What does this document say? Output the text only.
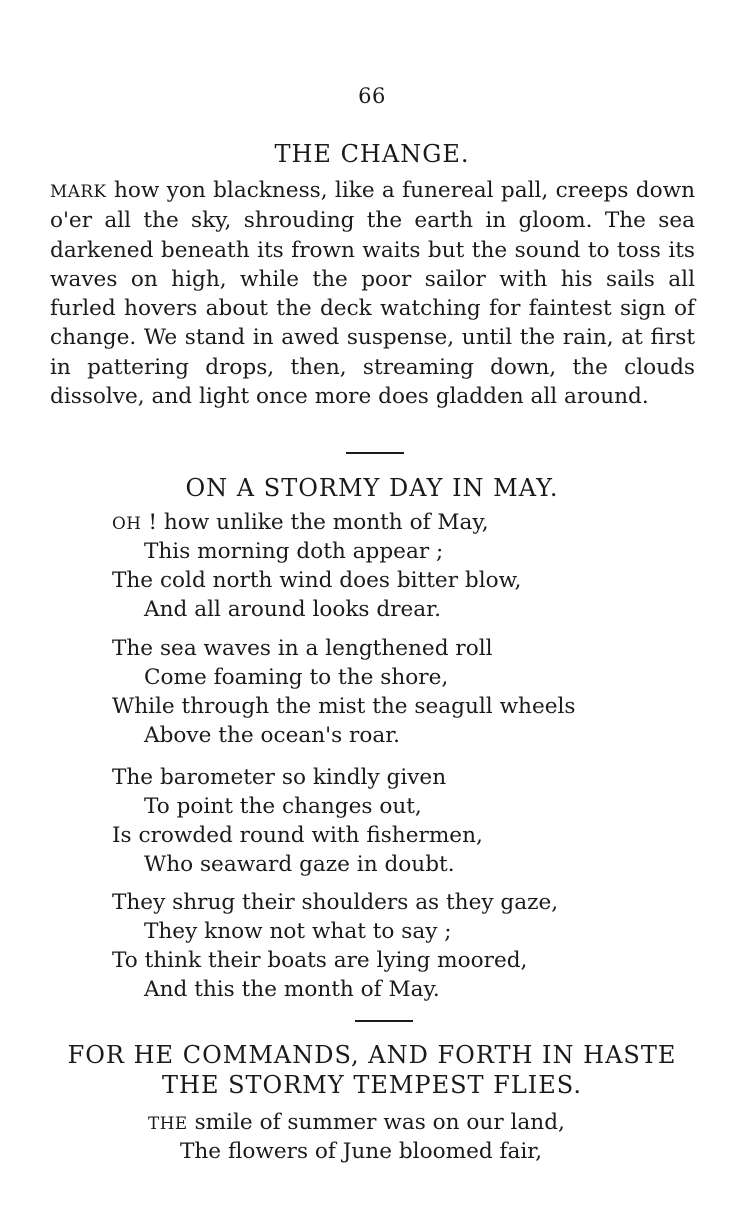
66
THE CHANGE.

MARK how yon blackness, like a funereal pall, creeps down o'er all the sky, shrouding the earth in gloom. The sea darkened beneath its frown waits but the sound to toss its waves on high, while the poor sailor with his sails all furled hovers about the deck watching for faintest sign of change. We stand in awed suspense, until the rain, at first in pattering drops, then, streaming down, the clouds dissolve, and light once more does gladden all around.

ON A STORMY DAY IN MAY.
OH ! how unlike the month of May,
This morning doth appear ;
The cold north wind does bitter blow,
And all around looks drear.
The sea waves in a lengthened roll
Come foaming to the shore,
While through the mist the seagull wheels
Above the ocean's roar.
The barometer so kindly given
To point the changes out,
Is crowded round with fishermen,
Who seaward gaze in doubt.
They shrug their shoulders as they gaze,
They know not what to say ;
To think their boats are lying moored,
And this the month of May.
FOR HE COMMANDS, AND FORTH IN HASTE
THE STORMY TEMPEST FLIES.
THE smile of summer was on our land,
The flowers of June bloomed fair,
